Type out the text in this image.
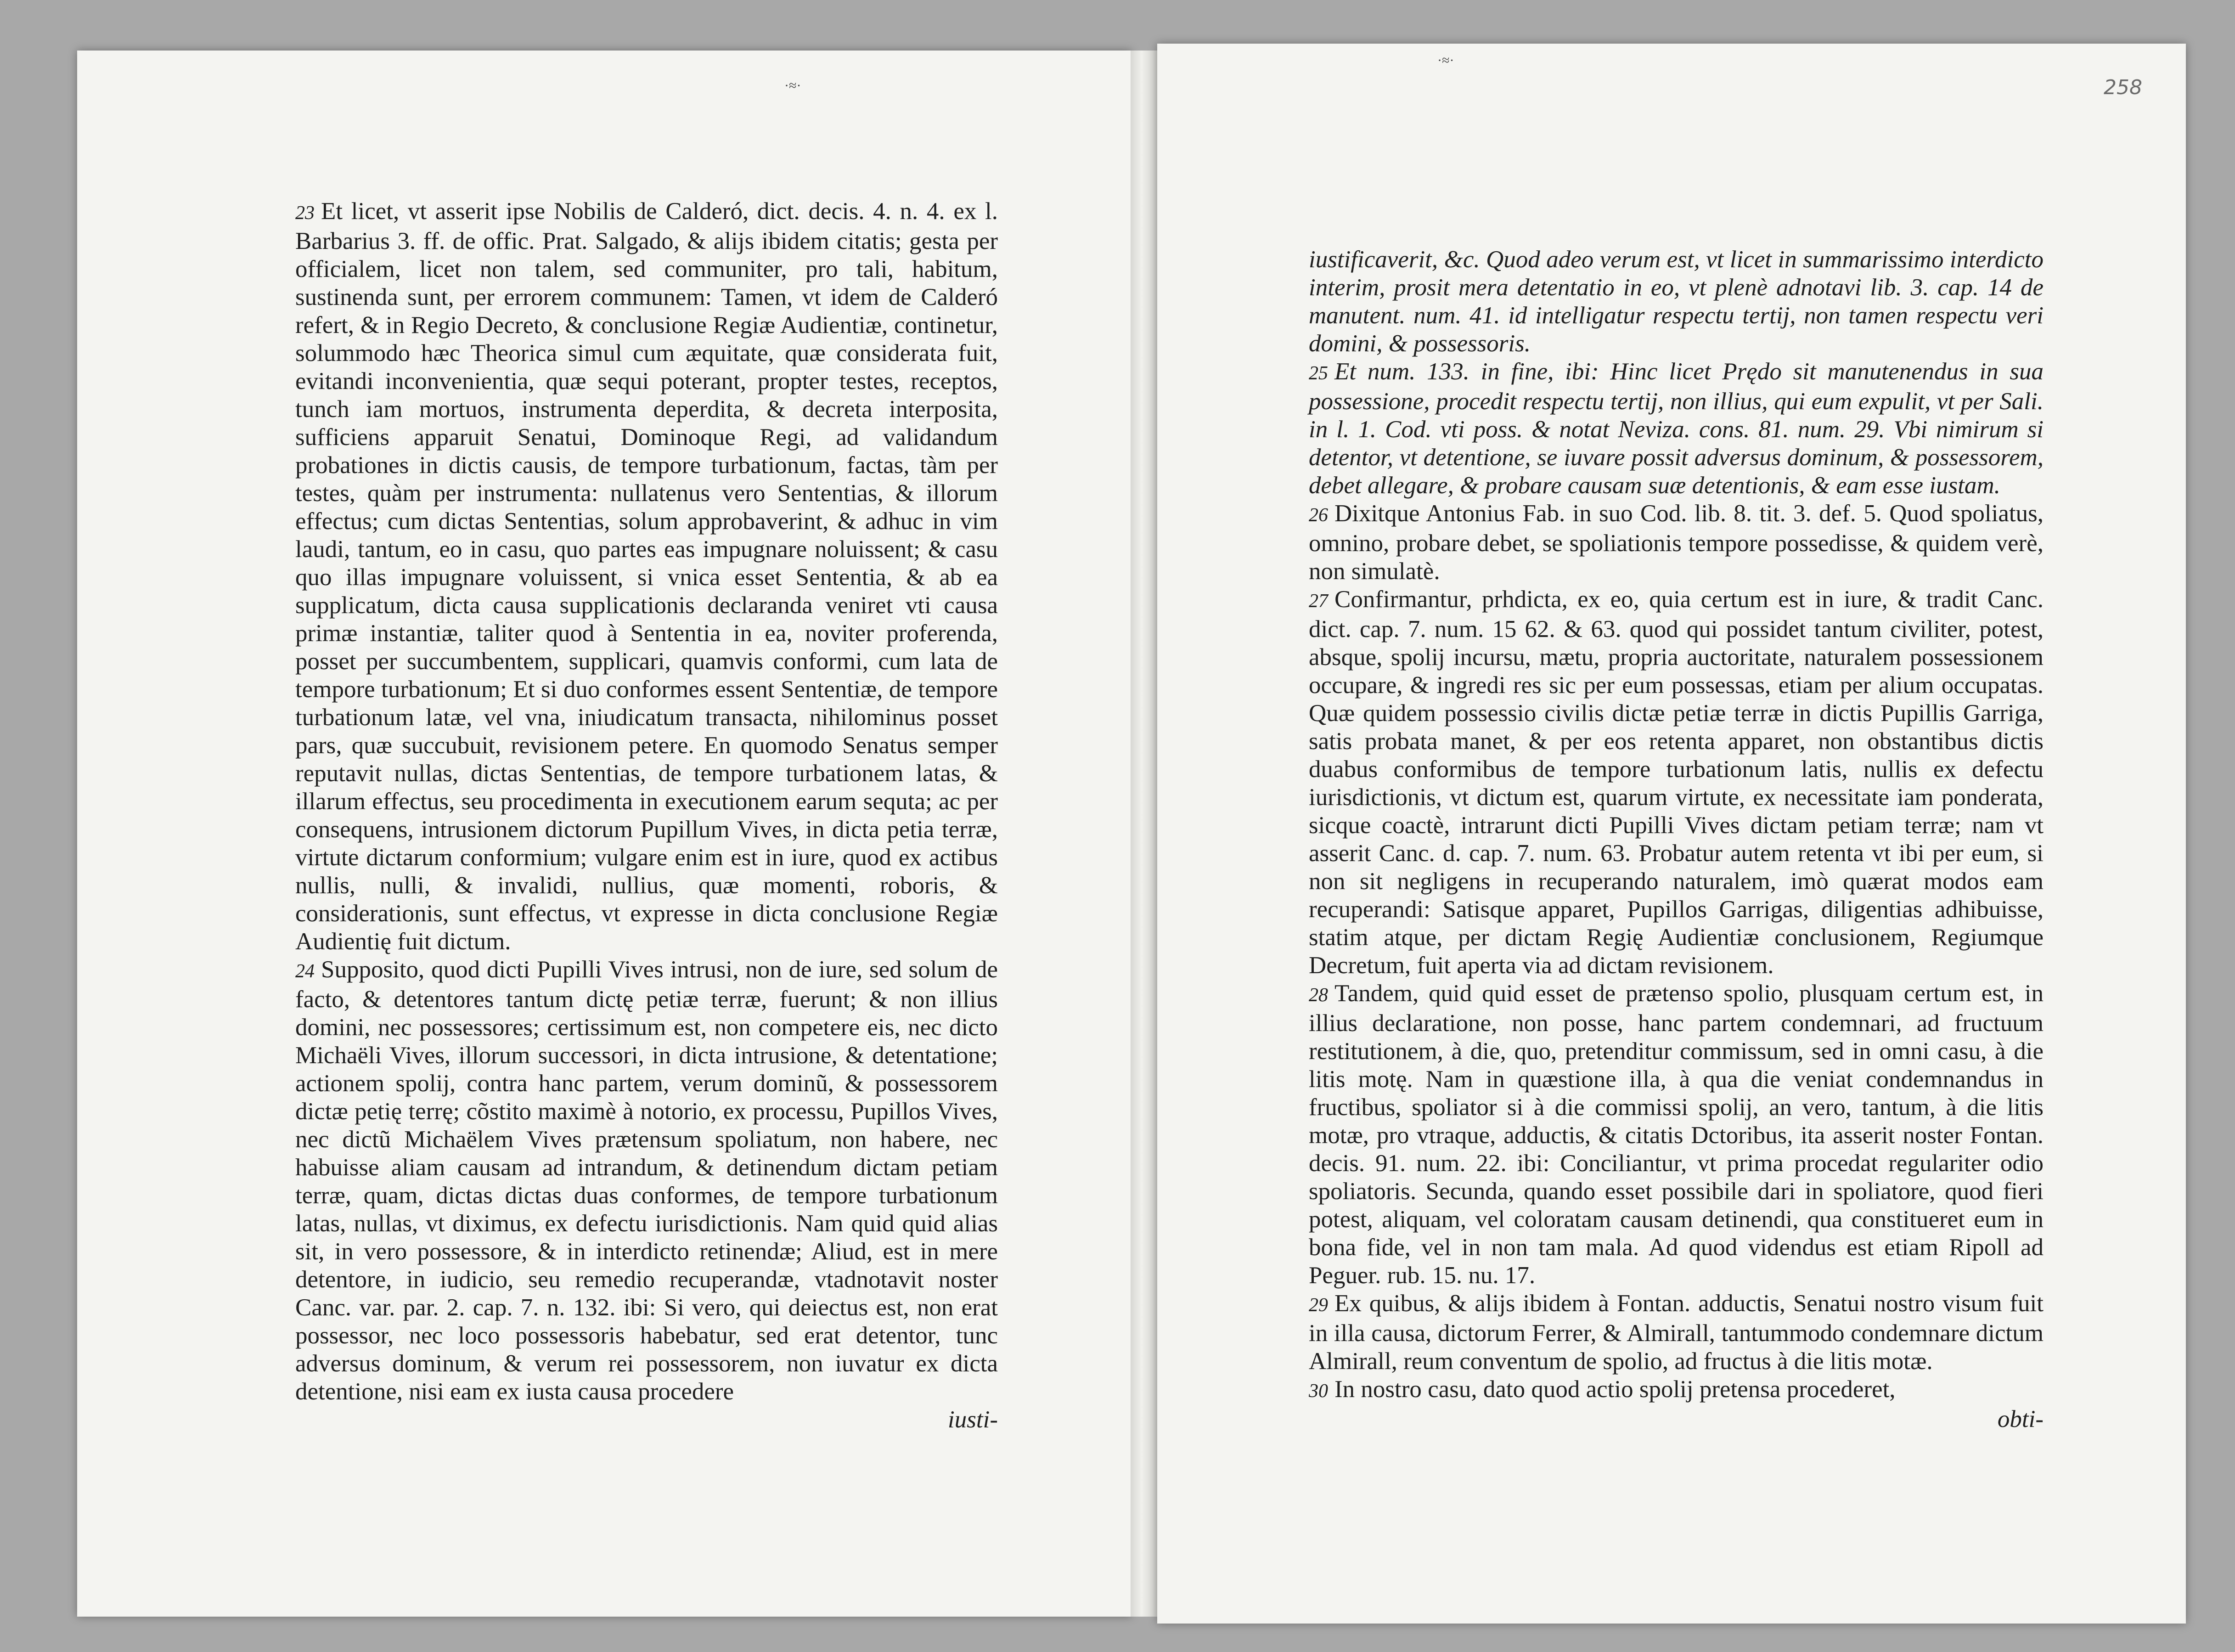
·≈·

23 Et licet, vt asserit ipse Nobilis de Calderó, dict. decis. 4. n. 4. ex l. Barbarius 3. ff. de offic. Prat. Salgado, & alijs ibidem citatis; gesta per officialem, licet non talem, sed communiter, pro tali, habitum, sustinenda sunt, per errorem communem: Tamen, vt idem de Calderó refert, & in Regio Decreto, & conclusione Regiæ Audientiæ, continetur, solummodo hæc Theorica simul cum æquitate, quæ considerata fuit, evitandi inconvenientia, quæ sequi poterant, propter testes, receptos, tunch iam mortuos, instrumenta deperdita, & decreta interposita, sufficiens apparuit Senatui, Dominoque Regi, ad validandum probationes in dictis causis, de tempore turbationum, factas, tàm per testes, quàm per instrumenta: nullatenus vero Sententias, & illorum effectus; cum dictas Sententias, solum approbaverint, & adhuc in vim laudi, tantum, eo in casu, quo partes eas impugnare noluissent; & casu quo illas impugnare voluissent, si vnica esset Sententia, & ab ea supplicatum, dicta causa supplicationis declaranda veniret vti causa primæ instantiæ, taliter quod à Sententia in ea, noviter proferenda, posset per succumbentem, supplicari, quamvis conformi, cum lata de tempore turbationum; Et si duo conformes essent Sententiæ, de tempore turbationum latæ, vel vna, iniudicatum transacta, nihilominus posset pars, quæ succubuit, revisionem petere. En quomodo Senatus semper reputavit nullas, dictas Sententias, de tempore turbationem latas, & illarum effectus, seu procedimenta in executionem earum sequta; ac per consequens, intrusionem dictorum Pupillum Vives, in dicta petia terræ, virtute dictarum conformium; vulgare enim est in iure, quod ex actibus nullis, nulli, & invalidi, nullius, quæ momenti, roboris, & considerationis, sunt effectus, vt expresse in dicta conclusione Regiæ Audientię fuit dictum.

24 Supposito, quod dicti Pupilli Vives intrusi, non de iure, sed solum de facto, & detentores tantum dictę petiæ terræ, fuerunt; & non illius domini, nec possessores; certissimum est, non competere eis, nec dicto Michaëli Vives, illorum successori, in dicta intrusione, & detentatione; actionem spolij, contra hanc partem, verum dominũ, & possessorem dictæ petię terrę; cõstito maximè à notorio, ex processu, Pupillos Vives, nec dictũ Michaëlem Vives prætensum spoliatum, non habere, nec habuisse aliam causam ad intrandum, & detinendum dictam petiam terræ, quam, dictas dictas duas conformes, de tempore turbationum latas, nullas, vt diximus, ex defectu iurisdictionis. Nam quid quid alias sit, in vero possessore, & in interdicto retinendæ; Aliud, est in mere detentore, in iudicio, seu remedio recuperandæ, vtadnotavit noster Canc. var. par. 2. cap. 7. n. 132. ibi: Si vero, qui deiectus est, non erat possessor, nec loco possessoris habebatur, sed erat detentor, tunc adversus dominum, & verum rei possessorem, non iuvatur ex dicta detentione, nisi eam ex iusta causa procedere

iusti-

·≈·
258

iustificaverit, &c. Quod adeo verum est, vt licet in summarissimo interdicto interim, prosit mera detentatio in eo, vt plenè adnotavi lib. 3. cap. 14 de manutent. num. 41. id intelligatur respectu tertij, non tamen respectu veri domini, & possessoris.

25 Et num. 133. in fine, ibi: Hinc licet Prędo sit manutenendus in sua possessione, procedit respectu tertij, non illius, qui eum expulit, vt per Sali. in l. 1. Cod. vti poss. & notat Neviza. cons. 81. num. 29. Vbi nimirum si detentor, vt detentione, se iuvare possit adversus dominum, & possessorem, debet allegare, & probare causam suæ detentionis, & eam esse iustam.

26 Dixitque Antonius Fab. in suo Cod. lib. 8. tit. 3. def. 5. Quod spoliatus, omnino, probare debet, se spoliationis tempore possedisse, & quidem verè, non simulatè.

27 Confirmantur, prhdicta, ex eo, quia certum est in iure, & tradit Canc. dict. cap. 7. num. 15 62. & 63. quod qui possidet tantum civiliter, potest, absque, spolij incursu, mætu, propria auctoritate, naturalem possessionem occupare, & ingredi res sic per eum possessas, etiam per alium occupatas. Quæ quidem possessio civilis dictæ petiæ terræ in dictis Pupillis Garriga, satis probata manet, & per eos retenta apparet, non obstantibus dictis duabus conformibus de tempore turbationum latis, nullis ex defectu iurisdictionis, vt dictum est, quarum virtute, ex necessitate iam ponderata, sicque coactè, intrarunt dicti Pupilli Vives dictam petiam terræ; nam vt asserit Canc. d. cap. 7. num. 63. Probatur autem retenta vt ibi per eum, si non sit negligens in recuperando naturalem, imò quærat modos eam recuperandi: Satisque apparet, Pupillos Garrigas, diligentias adhibuisse, statim atque, per dictam Regię Audientiæ conclusionem, Regiumque Decretum, fuit aperta via ad dictam revisionem.

28 Tandem, quid quid esset de prætenso spolio, plusquam certum est, in illius declaratione, non posse, hanc partem condemnari, ad fructuum restitutionem, à die, quo, pretenditur commissum, sed in omni casu, à die litis motę. Nam in quæstione illa, à qua die veniat condemnandus in fructibus, spoliator si à die commissi spolij, an vero, tantum, à die litis motæ, pro vtraque, adductis, & citatis Dctoribus, ita asserit noster Fontan. decis. 91. num. 22. ibi: Conciliantur, vt prima procedat regulariter odio spoliatoris. Secunda, quando esset possibile dari in spoliatore, quod fieri potest, aliquam, vel coloratam causam detinendi, qua constitueret eum in bona fide, vel in non tam mala. Ad quod videndus est etiam Ripoll ad Peguer. rub. 15. nu. 17.

29 Ex quibus, & alijs ibidem à Fontan. adductis, Senatui nostro visum fuit in illa causa, dictorum Ferrer, & Almirall, tantummodo condemnare dictum Almirall, reum conventum de spolio, ad fructus à die litis motæ.

30 In nostro casu, dato quod actio spolij pretensa procederet,

obti-
